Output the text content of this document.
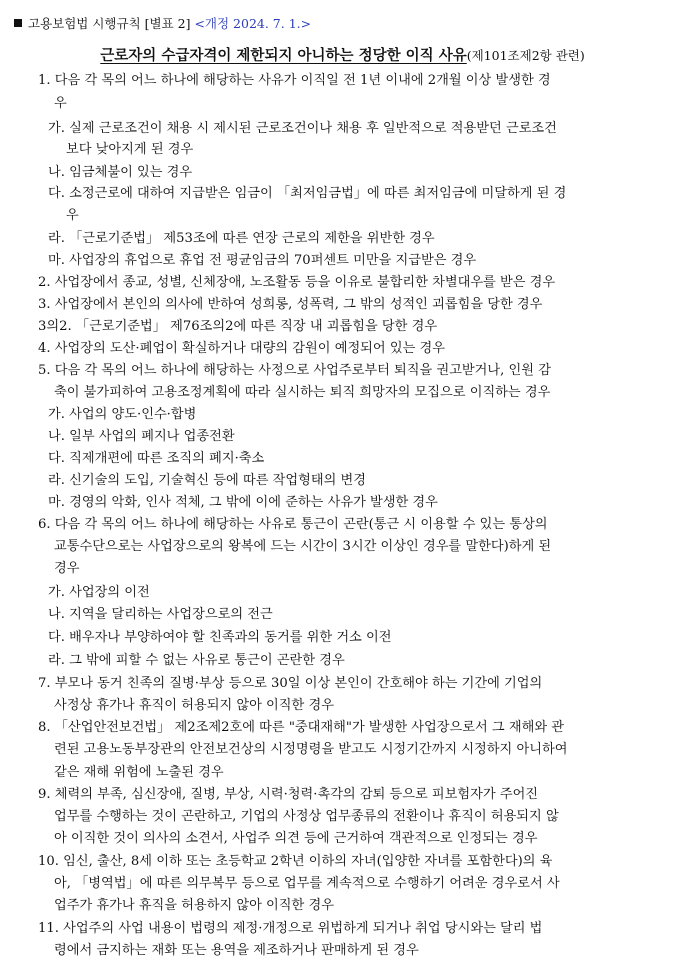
고용보험법 시행규칙 [별표 2] <개정 2024. 7. 1.>
근로자의 수급자격이 제한되지 아니하는 정당한 이직 사유(제101조제2항 관련)
1. 다음 각 목의 어느 하나에 해당하는 사유가 이직일 전 1년 이내에 2개월 이상 발생한 경
우
가. 실제 근로조건이 채용 시 제시된 근로조건이나 채용 후 일반적으로 적용받던 근로조건
보다 낮아지게 된 경우
나. 임금체불이 있는 경우
다. 소정근로에 대하여 지급받은 임금이 「최저임금법」에 따른 최저임금에 미달하게 된 경
우
라. 「근로기준법」 제53조에 따른 연장 근로의 제한을 위반한 경우
마. 사업장의 휴업으로 휴업 전 평균임금의 70퍼센트 미만을 지급받은 경우
2. 사업장에서 종교, 성별, 신체장애, 노조활동 등을 이유로 불합리한 차별대우를 받은 경우
3. 사업장에서 본인의 의사에 반하여 성희롱, 성폭력, 그 밖의 성적인 괴롭힘을 당한 경우
3의2. 「근로기준법」 제76조의2에 따른 직장 내 괴롭힘을 당한 경우
4. 사업장의 도산·폐업이 확실하거나 대량의 감원이 예정되어 있는 경우
5. 다음 각 목의 어느 하나에 해당하는 사정으로 사업주로부터 퇴직을 권고받거나, 인원 감
축이 불가피하여 고용조정계획에 따라 실시하는 퇴직 희망자의 모집으로 이직하는 경우
가. 사업의 양도·인수·합병
나. 일부 사업의 폐지나 업종전환
다. 직제개편에 따른 조직의 폐지·축소
라. 신기술의 도입, 기술혁신 등에 따른 작업형태의 변경
마. 경영의 악화, 인사 적체, 그 밖에 이에 준하는 사유가 발생한 경우
6. 다음 각 목의 어느 하나에 해당하는 사유로 통근이 곤란(통근 시 이용할 수 있는 통상의
교통수단으로는 사업장으로의 왕복에 드는 시간이 3시간 이상인 경우를 말한다)하게 된
경우
가. 사업장의 이전
나. 지역을 달리하는 사업장으로의 전근
다. 배우자나 부양하여야 할 친족과의 동거를 위한 거소 이전
라. 그 밖에 피할 수 없는 사유로 통근이 곤란한 경우
7. 부모나 동거 친족의 질병·부상 등으로 30일 이상 본인이 간호해야 하는 기간에 기업의
사정상 휴가나 휴직이 허용되지 않아 이직한 경우
8. 「산업안전보건법」 제2조제2호에 따른 "중대재해"가 발생한 사업장으로서 그 재해와 관
련된 고용노동부장관의 안전보건상의 시정명령을 받고도 시정기간까지 시정하지 아니하여
같은 재해 위험에 노출된 경우
9. 체력의 부족, 심신장애, 질병, 부상, 시력·청력·촉각의 감퇴 등으로 피보험자가 주어진
업무를 수행하는 것이 곤란하고, 기업의 사정상 업무종류의 전환이나 휴직이 허용되지 않
아 이직한 것이 의사의 소견서, 사업주 의견 등에 근거하여 객관적으로 인정되는 경우
10. 임신, 출산, 8세 이하 또는 초등학교 2학년 이하의 자녀(입양한 자녀를 포함한다)의 육
아, 「병역법」에 따른 의무복무 등으로 업무를 계속적으로 수행하기 어려운 경우로서 사
업주가 휴가나 휴직을 허용하지 않아 이직한 경우
11. 사업주의 사업 내용이 법령의 제정·개정으로 위법하게 되거나 취업 당시와는 달리 법
령에서 금지하는 재화 또는 용역을 제조하거나 판매하게 된 경우
